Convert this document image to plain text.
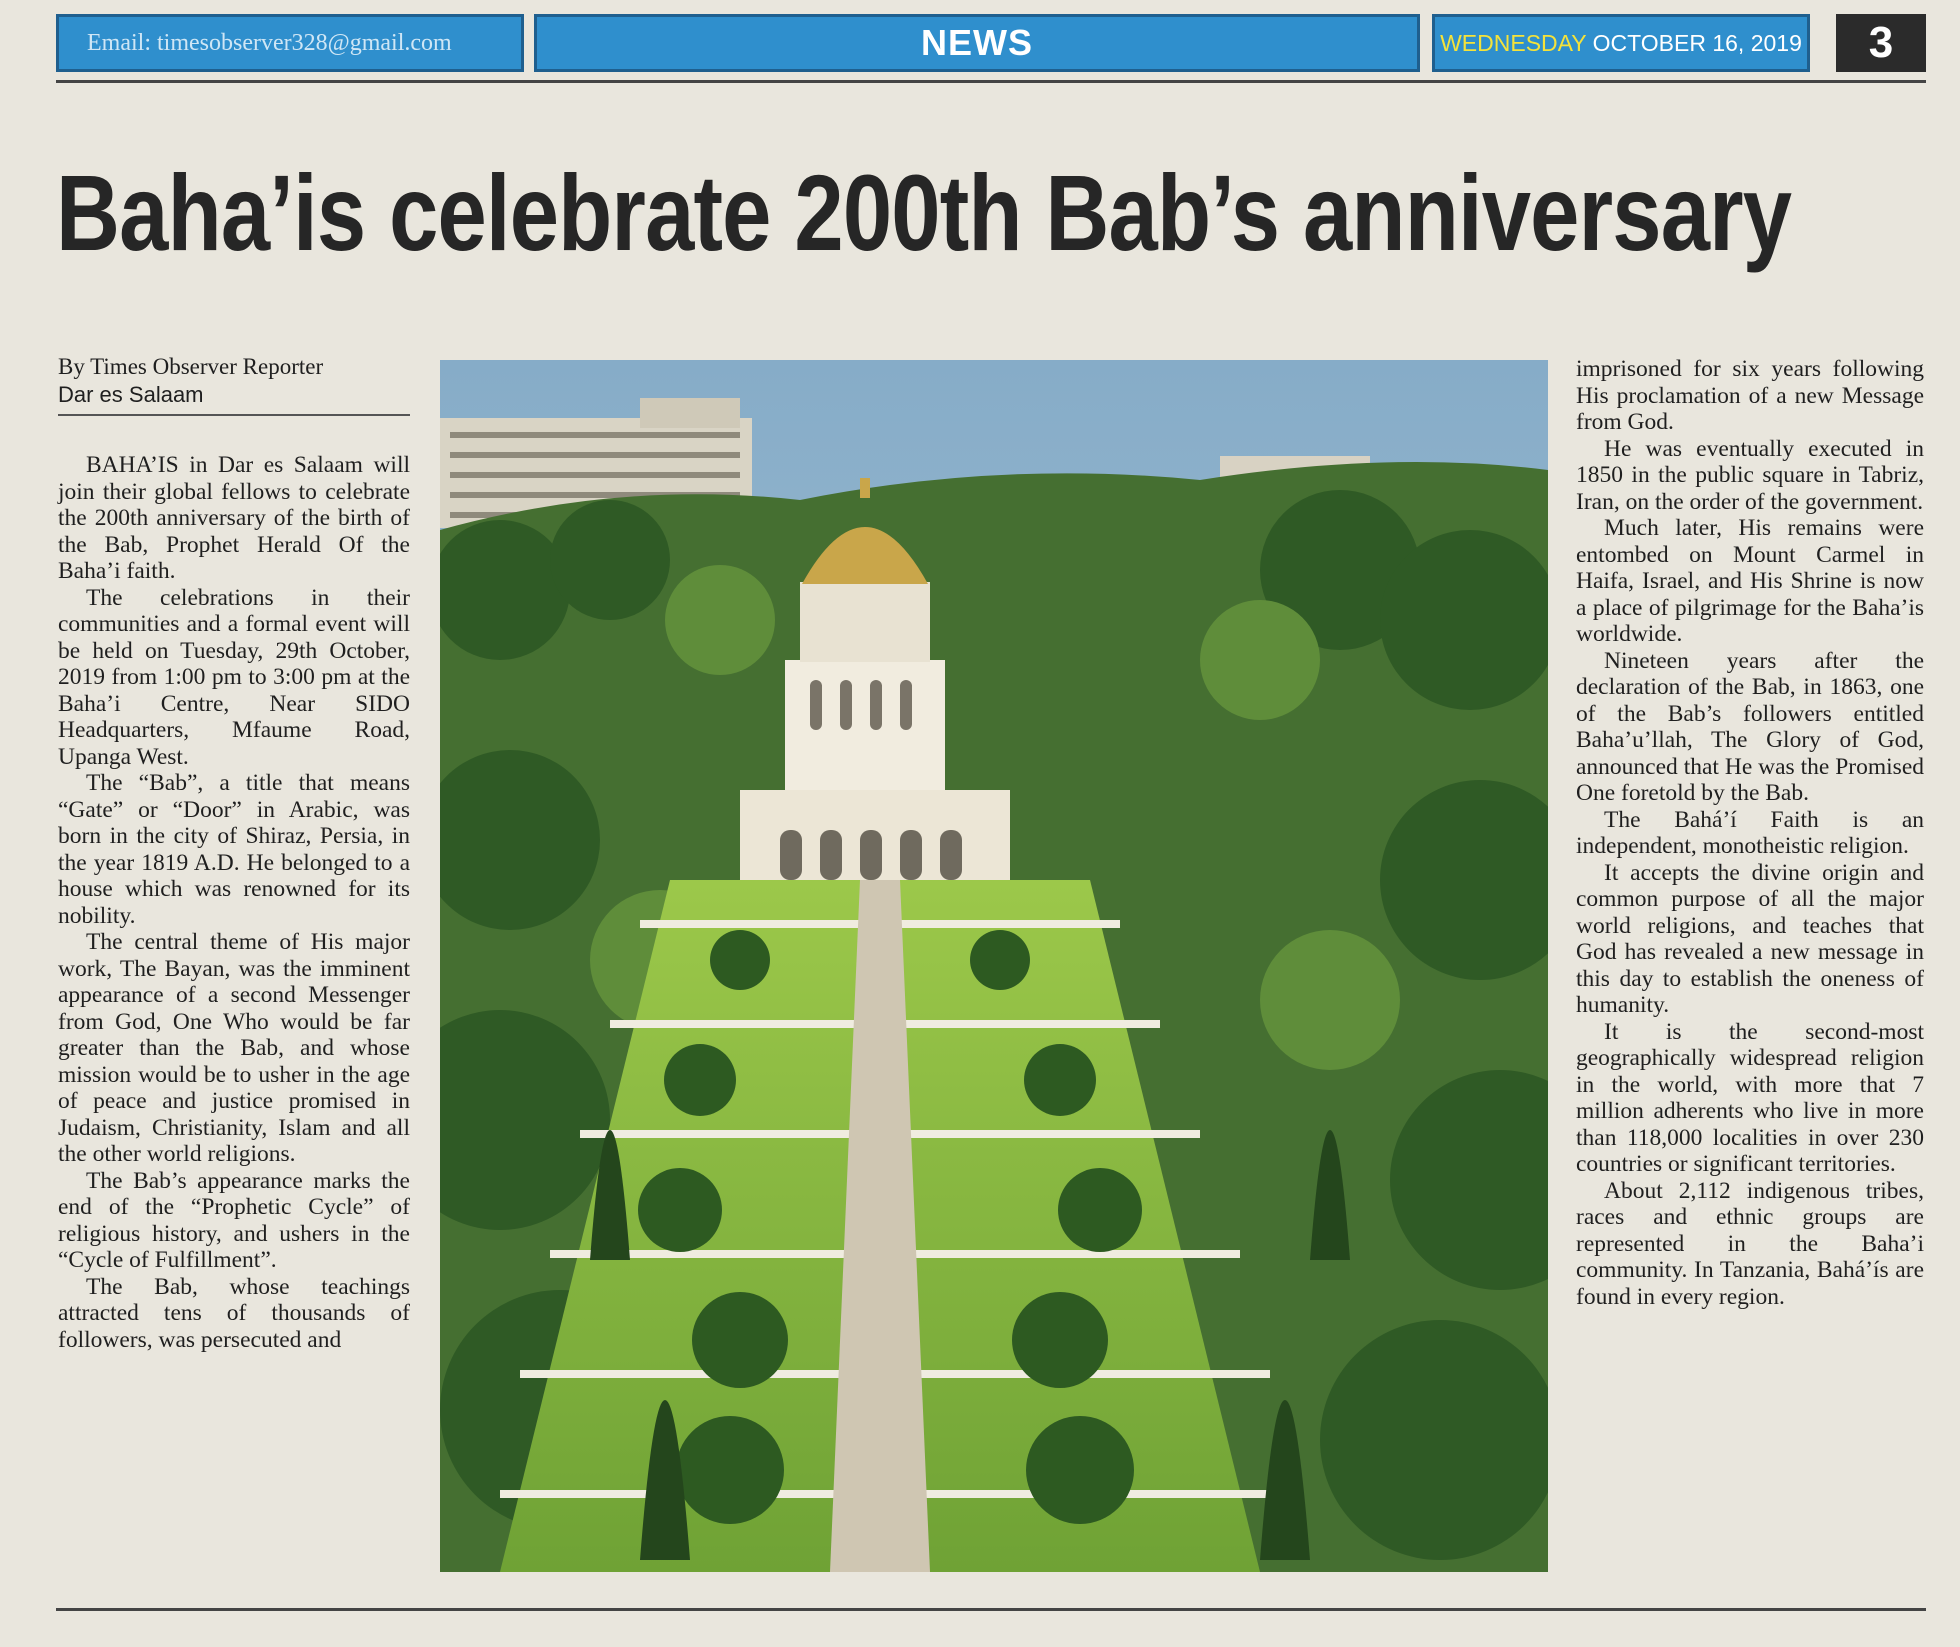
Email: timesobserver328@gmail.com	NEWS	WEDNESDAY OCTOBER 16, 2019	3
Baha’is celebrate 200th Bab’s anniversary

By Times Observer Reporter

Dar es Salaam

BAHA’IS in Dar es Salaam will join their global fellows to celebrate the 200th anniversary of the birth of the Bab, Prophet Herald Of the Baha’i faith.

The celebrations in their communities and a formal event will be held on Tuesday, 29th October, 2019 from 1:00 pm to 3:00 pm at the Baha’i Centre, Near SIDO Headquarters, Mfaume Road, Upanga West.

The “Bab”, a title that means “Gate” or “Door” in Arabic, was born in the city of Shiraz, Persia, in the year 1819 A.D. He belonged to a house which was renowned for its nobility.

The central theme of His major work, The Bayan, was the imminent appearance of a second Messenger from God, One Who would be far greater than the Bab, and whose mission would be to usher in the age of peace and justice promised in Judaism, Christianity, Islam and all the other world religions.

The Bab’s appearance marks the end of the “Prophetic Cycle” of religious history, and ushers in the “Cycle of Fulfillment”.

The Bab, whose teachings attracted tens of thousands of followers, was persecuted and

imprisoned for six years following His proclamation of a new Message from God.

He was eventually executed in 1850 in the public square in Tabriz, Iran, on the order of the government.

Much later, His remains were entombed on Mount Carmel in Haifa, Israel, and His Shrine is now a place of pilgrimage for the Baha’is worldwide.

Nineteen years after the declaration of the Bab, in 1863, one of the Bab’s followers entitled Baha’u’llah, The Glory of God, announced that He was the Promised One foretold by the Bab.

The Bahá’í Faith is an independent, monotheistic religion.

It accepts the divine origin and common purpose of all the major world religions, and teaches that God has revealed a new message in this day to establish the oneness of humanity.

It is the second-most geographically widespread religion in the world, with more that 7 million adherents who live in more than 118,000 localities in over 230 countries or significant territories.

About 2,112 indigenous tribes, races and ethnic groups are represented in the Baha’i community. In Tanzania, Bahá’ís are found in every region.
